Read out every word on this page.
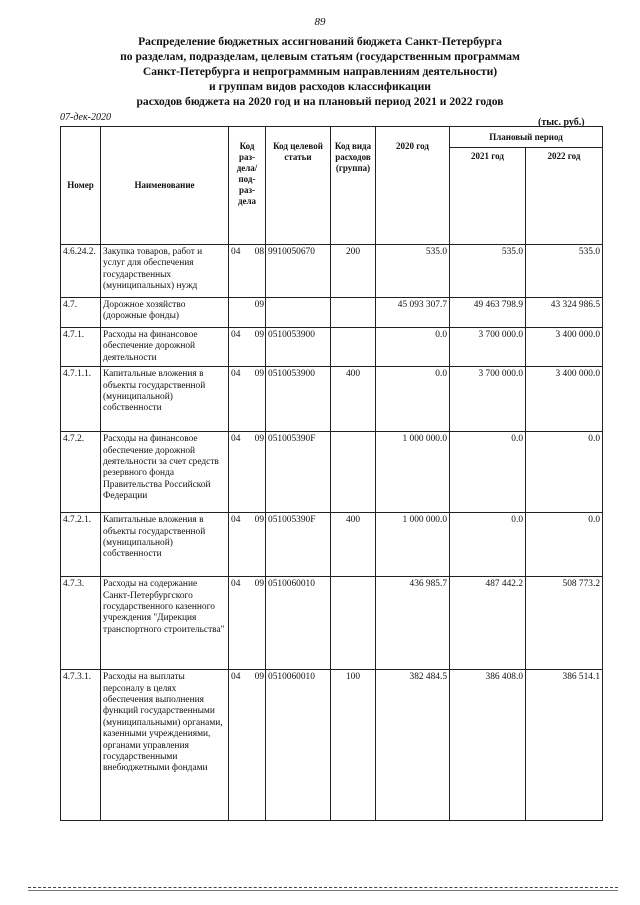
89
Распределение бюджетных ассигнований бюджета Санкт-Петербурга
по разделам, подразделам, целевым статьям (государственным программам
Санкт-Петербурга и непрограммным направлениям деятельности)
и группам видов расходов классификации
расходов бюджета на 2020 год и на плановый период 2021 и 2022 годов
07-дек-2020	(тыс. руб.)
Номер	Наименование	Код раз-дела/ под-раз-дела		Код целевой статьи	Код вида расходов (группа)	2020 год	Плановый период	
							2021 год	2022 год
4.6.24.2.	Закупка товаров, работ и услуг для обеспечения государственных (муниципальных) нужд	04	08	9910050670	200	535.0	535.0	535.0
4.7.	Дорожное хозяйство (дорожные фонды)		09			45 093 307.7	49 463 798.9	43 324 986.5
4.7.1.	Расходы на финансовое обеспечение дорожной деятельности	04	09	0510053900		0.0	3 700 000.0	3 400 000.0
4.7.1.1.	Капитальные вложения в объекты государственной (муниципальной) собственности	04	09	0510053900	400	0.0	3 700 000.0	3 400 000.0
4.7.2.	Расходы на финансовое обеспечение дорожной деятельности за счет средств резервного фонда Правительства Российской Федерации	04	09	051005390F		1 000 000.0	0.0	0.0
4.7.2.1.	Капитальные вложения в объекты государственной (муниципальной) собственности	04	09	051005390F	400	1 000 000.0	0.0	0.0
4.7.3.	Расходы на содержание Санкт-Петербургского государственного казенного учреждения "Дирекция транспортного строительства"	04	09	0510060010		436 985.7	487 442.2	508 773.2
4.7.3.1.	Расходы на выплаты персоналу в целях обеспечения выполнения функций государственными (муниципальными) органами, казенными учреждениями, органами управления государственными внебюджетными фондами	04	09	0510060010	100	382 484.5	386 408.0	386 514.1
